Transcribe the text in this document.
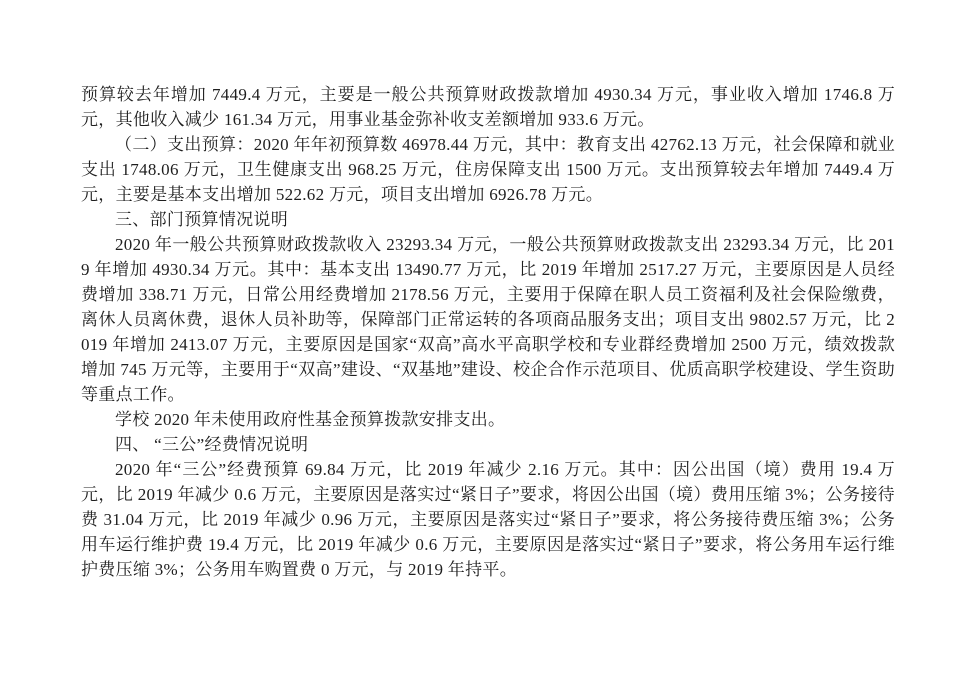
预算较去年增加 7449.4 万元，主要是一般公共预算财政拨款增加 4930.34 万元，事业收入增加 1746.8 万元，其他收入减少 161.34 万元，用事业基金弥补收支差额增加 933.6 万元。

（二）支出预算：2020 年年初预算数 46978.44 万元，其中：教育支出 42762.13 万元，社会保障和就业支出 1748.06 万元，卫生健康支出 968.25 万元，住房保障支出 1500 万元。支出预算较去年增加 7449.4 万元，主要是基本支出增加 522.62 万元，项目支出增加 6926.78 万元。

三、部门预算情况说明

2020 年一般公共预算财政拨款收入 23293.34 万元，一般公共预算财政拨款支出 23293.34 万元，比 2019 年增加 4930.34 万元。其中：基本支出 13490.77 万元，比 2019 年增加 2517.27 万元，主要原因是人员经费增加 338.71 万元，日常公用经费增加 2178.56 万元，主要用于保障在职人员工资福利及社会保险缴费，离休人员离休费，退休人员补助等，保障部门正常运转的各项商品服务支出；项目支出 9802.57 万元，比 2019 年增加 2413.07 万元，主要原因是国家“双高”高水平高职学校和专业群经费增加 2500 万元，绩效拨款增加 745 万元等，主要用于“双高”建设、“双基地”建设、校企合作示范项目、优质高职学校建设、学生资助等重点工作。

学校 2020 年未使用政府性基金预算拨款安排支出。

四、 “三公”经费情况说明

2020 年“三公”经费预算 69.84 万元，比 2019 年减少 2.16 万元。其中：因公出国（境）费用 19.4 万元，比 2019 年减少 0.6 万元，主要原因是落实过“紧日子”要求，将因公出国（境）费用压缩 3%；公务接待费 31.04 万元，比 2019 年减少 0.96 万元，主要原因是落实过“紧日子”要求，将公务接待费压缩 3%；公务用车运行维护费 19.4 万元，比 2019 年减少 0.6 万元，主要原因是落实过“紧日子”要求，将公务用车运行维护费压缩 3%；公务用车购置费 0 万元，与 2019 年持平。
